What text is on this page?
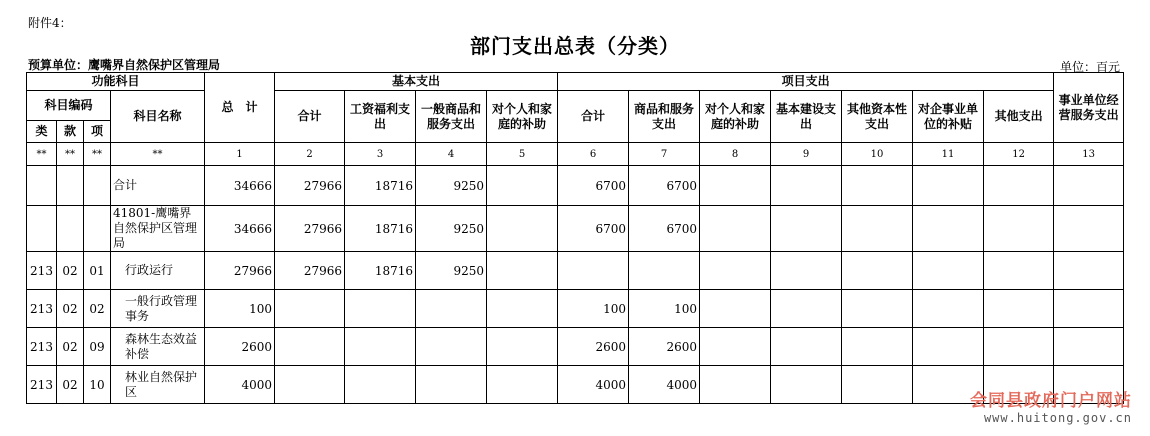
附件4：
部门支出总表（分类）
预算单位：鹰嘴界自然保护区管理局	单位：百元
功能科目				总　计	基本支出				项目支出							事业单位经营服务支出
科目编码			科目名称		合计	工资福利支出	一般商品和服务支出	对个人和家庭的补助	合计	商品和服务支出	对个人和家庭的补助	基本建设支出	其他资本性支出	对企事业单位的补贴	其他支出	
类	款	项														
**	**	**	**	1	2	3	4	5	6	7	8	9	10	11	12	13
			合计	34666	27966	18716	9250		6700	6700						
			41801-鹰嘴界自然保护区管理局	34666	27966	18716	9250		6700	6700						
213	02	01	行政运行	27966	27966	18716	9250									
213	02	02	一般行政管理事务	100					100	100						
213	02	09	森林生态效益补偿	2600					2600	2600						
213	02	10	林业自然保护区	4000					4000	4000						
会同县政府门户网站
www.huitong.gov.cn
